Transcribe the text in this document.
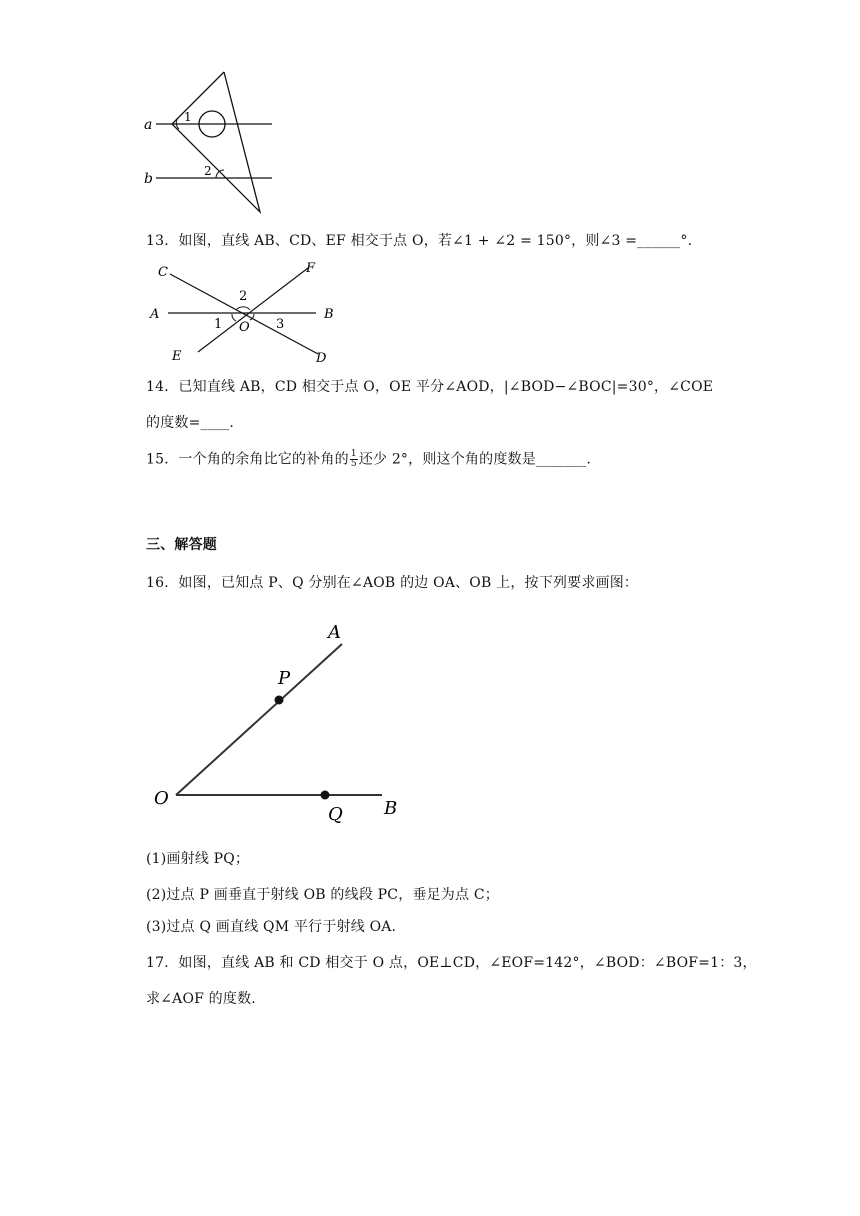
a
b
1
2
13．如图，直线 AB、CD、EF 相交于点 O，若∠1 + ∠2 = 150°，则∠3 =______°.
C	F
A	B
E	D
O
1
2
3
14．已知直线 AB，CD 相交于点 O，OE 平分∠AOD，|∠BOD−∠BOC|=30°，∠COE
的度数=____.
15．一个角的余角比它的补角的 $\frac{1}{5}$ 还少 2°，则这个角的度数是_______.
三、解答题
16．如图，已知点 P、Q 分别在∠AOB 的边 OA、OB 上，按下列要求画图：
A
P
O
Q B
(1)画射线 PQ；
(2)过点 P 画垂直于射线 OB 的线段 PC，垂足为点 C；
(3)过点 Q 画直线 QM 平行于射线 OA.
17．如图，直线 AB 和 CD 相交于 O 点，OE⊥CD，∠EOF=142°，∠BOD：∠BOF=1：3，
求∠AOF 的度数.
